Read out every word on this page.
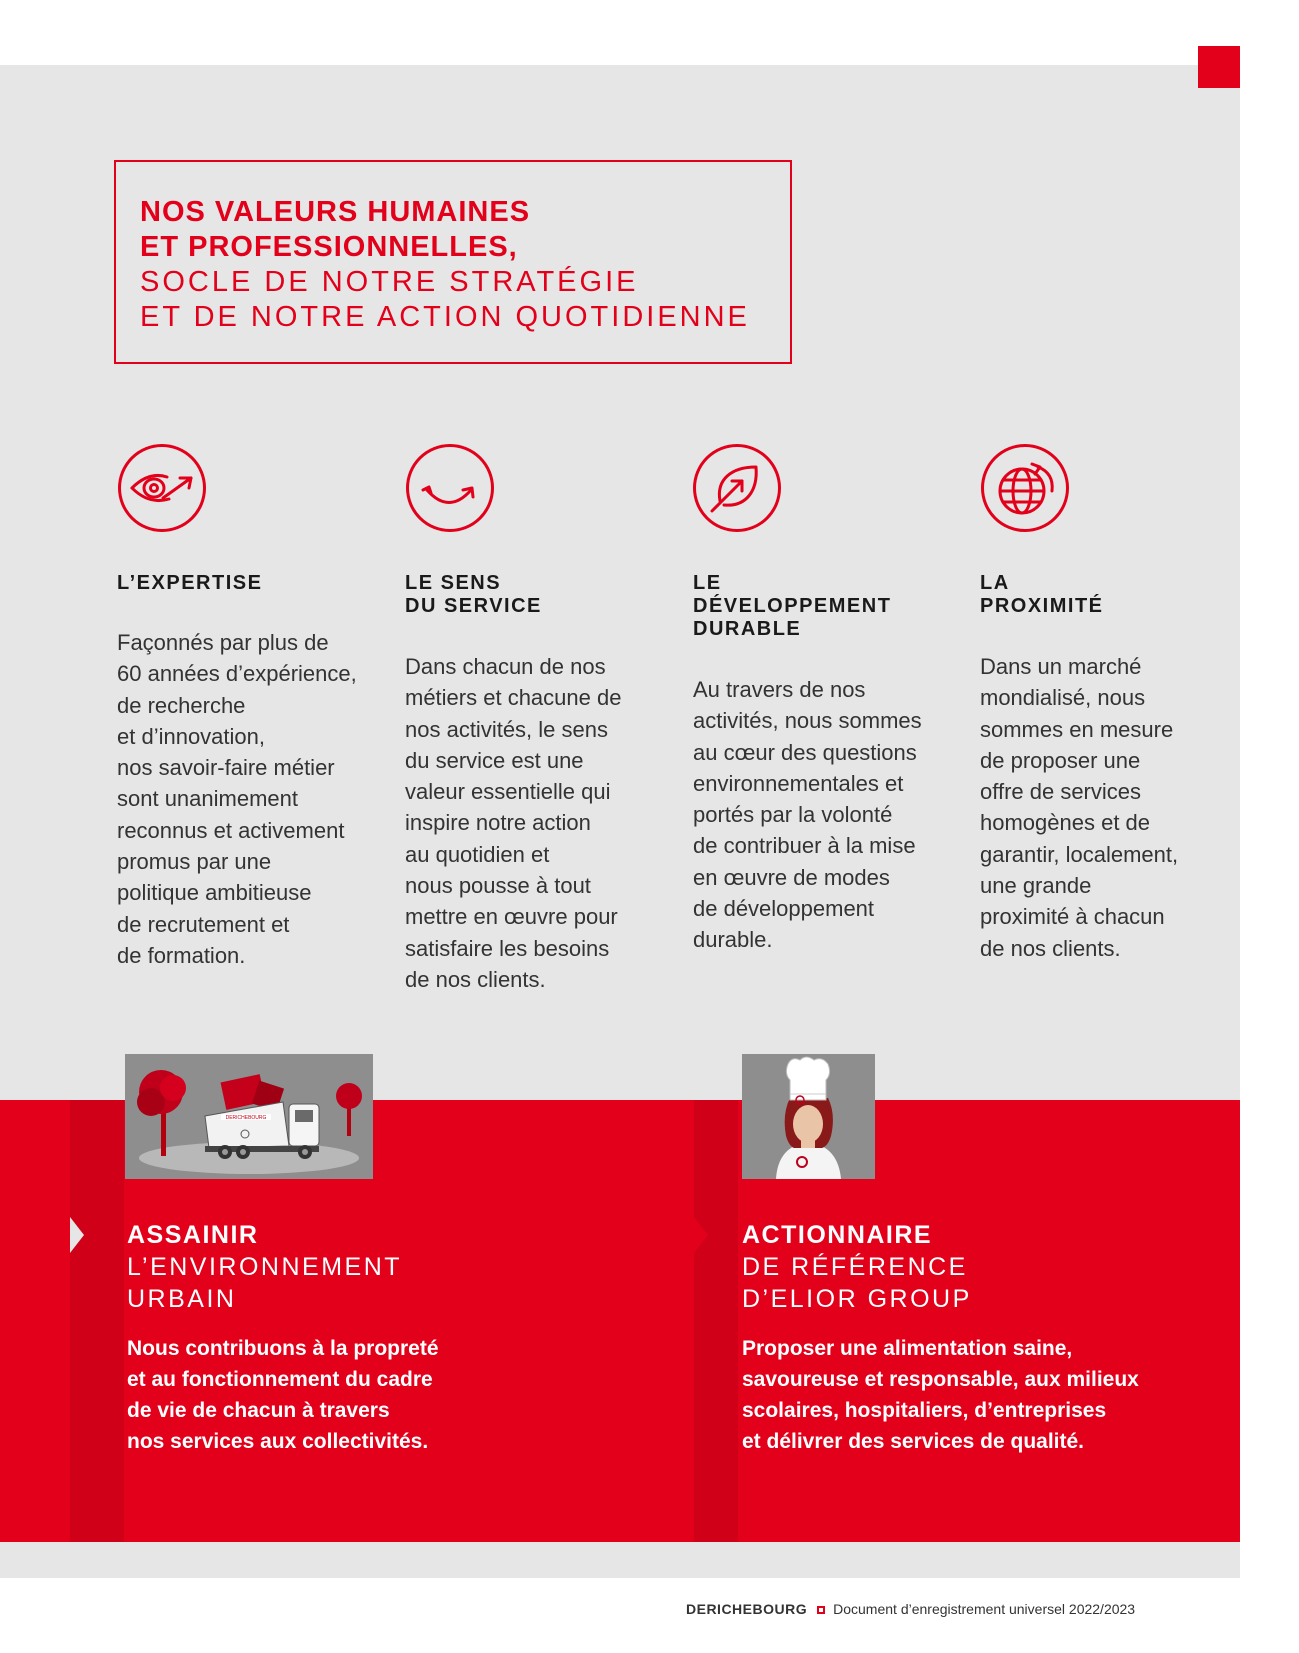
NOS VALEURS HUMAINES
ET PROFESSIONNELLES,
SOCLE DE NOTRE STRATÉGIE
ET DE NOTRE ACTION QUOTIDIENNE
L’EXPERTISE	LE SENS
DU SERVICE
LE
DÉVELOPPEMENT
DURABLE
LA
PROXIMITÉ
Façonnés par plus de
60 années d’expérience,
de recherche
et d’innovation,
nos savoir-faire métier
sont unanimement
reconnus et activement
promus par une
politique ambitieuse
de recrutement et
de formation.
Dans chacun de nos
métiers et chacune de
nos activités, le sens
du service est une
valeur essentielle qui
inspire notre action
au quotidien et
nous pousse à tout
mettre en œuvre pour
satisfaire les besoins
de nos clients.
Au travers de nos
activités, nous sommes
au cœur des questions
environnementales et
portés par la volonté
de contribuer à la mise
en œuvre de modes
de développement
durable.
Dans un marché
mondialisé, nous
sommes en mesure
de proposer une
offre de services
homogènes et de
garantir, localement,
une grande
proximité à chacun
de nos clients.
DERICHEBOURG
ASSAINIR
L’ENVIRONNEMENT
URBAIN
Nous contribuons à la propreté
et au fonctionnement du cadre
de vie de chacun à travers
nos services aux collectivités.
ACTIONNAIRE
DE RÉFÉRENCE
D’ELIOR GROUP
Proposer une alimentation saine,
savoureuse et responsable, aux milieux
scolaires, hospitaliers, d’entreprises
et délivrer des services de qualité.
DERICHEBOURG Document d’enregistrement universel 2022/2023
